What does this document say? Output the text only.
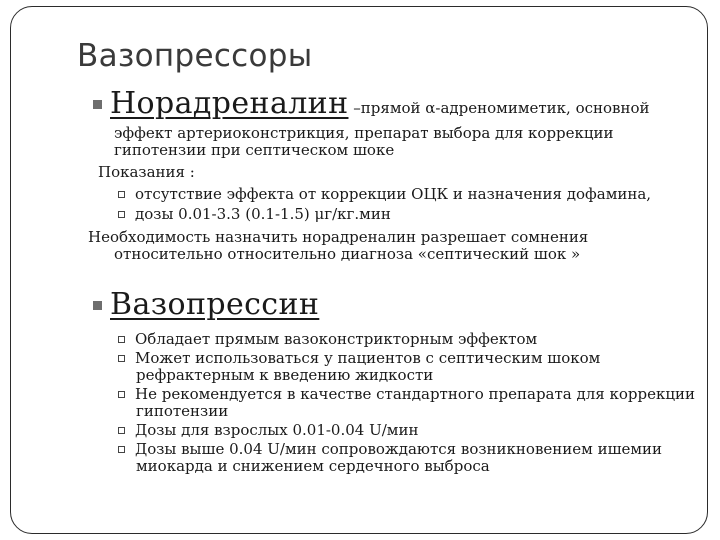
Вазопрессоры
Норадреналин –прямой α-адреномиметик, основной
эффект артериоконстрикция, препарат выбора для коррекции
гипотензии при септическом шоке
Показания :
отсутствие эффекта от коррекции ОЦК и назначения дофамина,
дозы 0.01-3.3 (0.1-1.5) μг/кг.мин
Необходимость назначить норадреналин разрешает сомнения
относительно относительно диагноза «септический шок »
Вазопрессин
Обладает прямым вазоконстрикторным эффектом
Может использоваться у пациентов с септическим шоком
рефрактерным к введению жидкости
Не рекомендуется в качестве стандартного препарата для коррекции
гипотензии
Дозы для взрослых 0.01-0.04 U/мин
Дозы выше 0.04 U/мин сопровождаются возникновением ишемии
миокарда и снижением сердечного выброса
